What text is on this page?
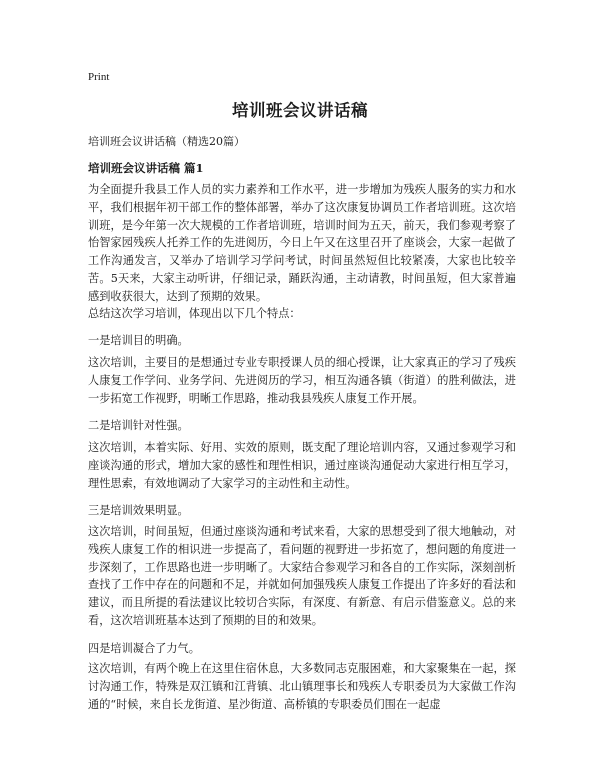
Print
培训班会议讲话稿
培训班会议讲话稿（精选20篇）
培训班会议讲话稿 篇1
为全面提升我县工作人员的实力素养和工作水平，进一步增加为残疾人服务的实力和水平，我们根据年初干部工作的整体部署，举办了这次康复协调员工作者培训班。这次培训班，是今年第一次大规模的工作者培训班，培训时间为五天，前天，我们参观考察了怡智家园残疾人托养工作的先进阅历，今日上午又在这里召开了座谈会，大家一起做了工作沟通发言，又举办了培训学习学问考试，时间虽然短但比较紧凑，大家也比较辛苦。5天来，大家主动听讲，仔细记录，踊跃沟通，主动请教，时间虽短，但大家普遍感到收获很大，达到了预期的效果。
总结这次学习培训，体现出以下几个特点：
一是培训目的明确。
这次培训，主要目的是想通过专业专职授课人员的细心授课，让大家真正的学习了残疾人康复工作学问、业务学问、先进阅历的学习，相互沟通各镇（街道）的胜利做法，进一步拓宽工作视野，明晰工作思路，推动我县残疾人康复工作开展。
二是培训针对性强。
这次培训，本着实际、好用、实效的原则，既支配了理论培训内容，又通过参观学习和座谈沟通的形式，增加大家的感性和理性相识，通过座谈沟通促动大家进行相互学习，理性思索，有效地调动了大家学习的主动性和主动性。
三是培训效果明显。
这次培训，时间虽短，但通过座谈沟通和考试来看，大家的思想受到了很大地触动，对残疾人康复工作的相识进一步提高了，看问题的视野进一步拓宽了，想问题的角度进一步深刻了，工作思路也进一步明晰了。大家结合参观学习和各自的工作实际，深刻剖析查找了工作中存在的问题和不足，并就如何加强残疾人康复工作提出了许多好的看法和建议，而且所提的看法建议比较切合实际，有深度、有新意、有启示借鉴意义。总的来看，这次培训班基本达到了预期的目的和效果。
四是培训凝合了力气。
这次培训，有两个晚上在这里住宿休息，大多数同志克服困难，和大家聚集在一起，探讨沟通工作，特殊是双江镇和江背镇、北山镇理事长和残疾人专职委员为大家做工作沟通的“时候，来自长龙街道、星沙街道、高桥镇的专职委员们围在一起虚
